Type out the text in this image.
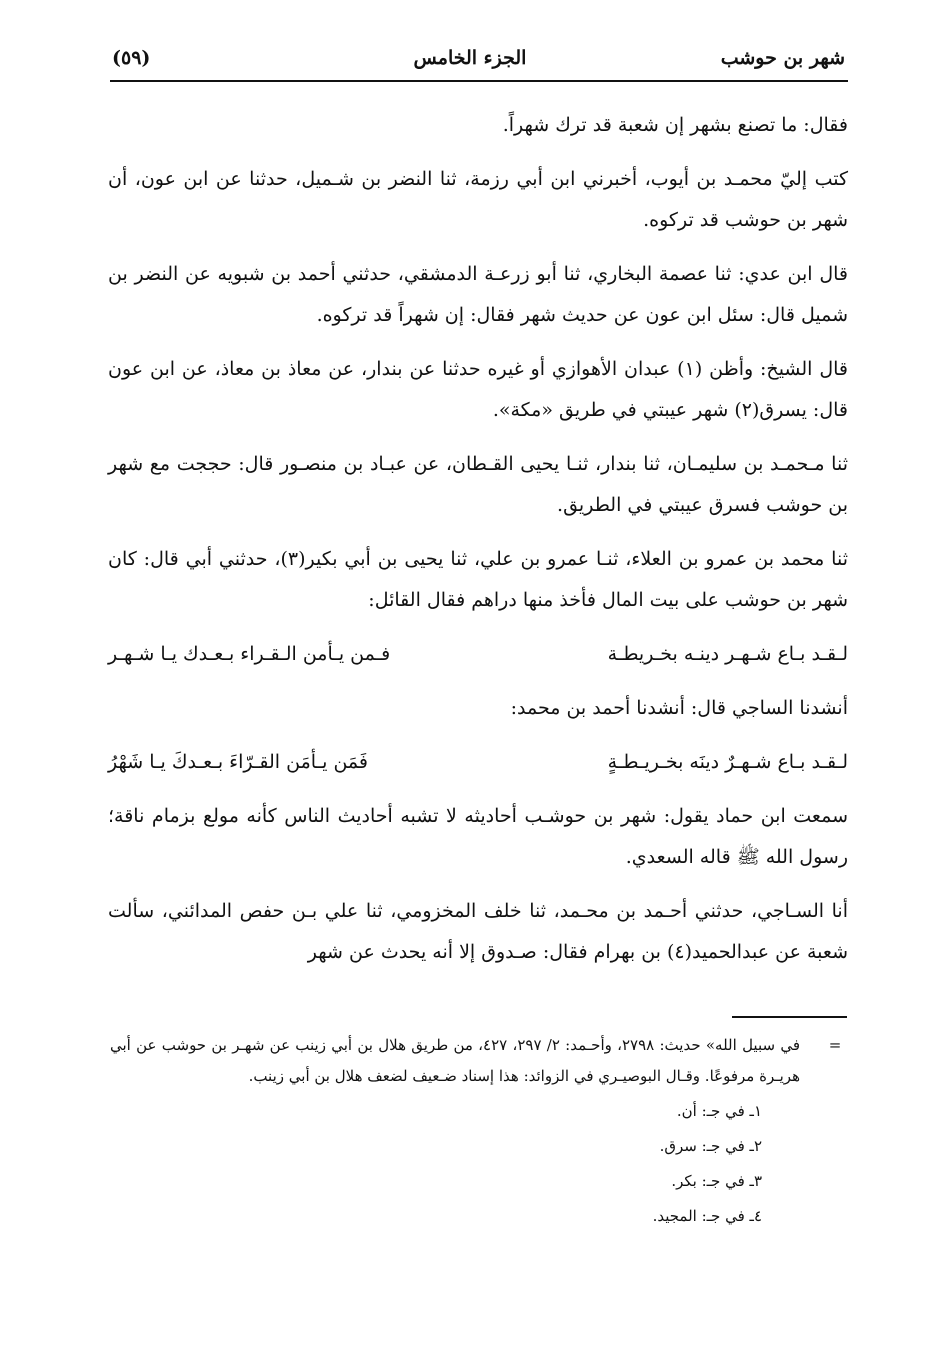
شهر بن حوشب
الجزء الخامس
(٥٩)

فقال: ما تصنع بشهر إن شعبة قد ترك شهراً.

كتب إليّ محمـد بن أيوب، أخبرني ابن أبي رزمة، ثنا النضر بن شـميل، حدثنا عن ابن عون، أن شهر بن حوشب قد تركوه.

قال ابن عدي: ثنا عصمة البخاري، ثنا أبو زرعـة الدمشقي، حدثني أحمد بن شبويه عن النضر بن شميل قال: سئل ابن عون عن حديث شهر فقال: إن شهراً قد تركوه.

قال الشيخ: وأظن (١) عبدان الأهوازي أو غيره حدثنا عن بندار، عن معاذ بن معاذ، عن ابن عون قال: يسرق(٢) شهر عيبتي في طريق «مكة».

ثنا مـحمـد بن سليمـان، ثنا بندار، ثنـا يحيى القـطان، عن عبـاد بن منصـور قال: حججت مع شهر بن حوشب فسرق عيبتي في الطريق.

ثنا محمد بن عمرو بن العلاء، ثنـا عمرو بن علي، ثنا يحيى بن أبي بكير(٣)، حدثني أبي قال: كان شهر بن حوشب على بيت المال فأخذ منها دراهم فقال القائل:

لـقـد بـاع شـهـر دينـه بخـريطـة
فـمن يـأمن الـقـراء بـعـدك يـا شـهـر

أنشدنا الساجي قال: أنشدنا أحمد بن محمد:

لـقـد بـاع شـهـرٌ دينَه بخـريـطـةٍ
فَمَن يـأمَن القـرّاءَ بـعـدكَ يـا شَهْرُ

سمعت ابن حماد يقول: شهر بن حوشـب أحاديثه لا تشبه أحاديث الناس كأنه مولع بزمام ناقة؛ رسول الله ﷺ قاله السعدي.

أنا السـاجي، حدثني أحـمد بن محـمد، ثنا خلف المخزومي، ثنا علي بـن حفص المدائني، سألت شعبة عن عبدالحميد(٤) بن بهرام فقال: صـدوق إلا أنه يحدث عن شهر

=
في سبيل الله» حديث: ٢٧٩٨، وأحـمد: ٢/ ٢٩٧، ٤٢٧، من طريق هلال بن أبي زينب عن شهـر بن حوشب عن أبي هريـرة مرفوعًا. وقـال البوصيـري في الزوائد: هذا إسناد ضـعيف لضعف هلال بن أبي زينب.
١ـ في جـ: أن.
٢ـ في جـ: سرق.
٣ـ في جـ: بكر.
٤ـ في جـ: المجيد.
